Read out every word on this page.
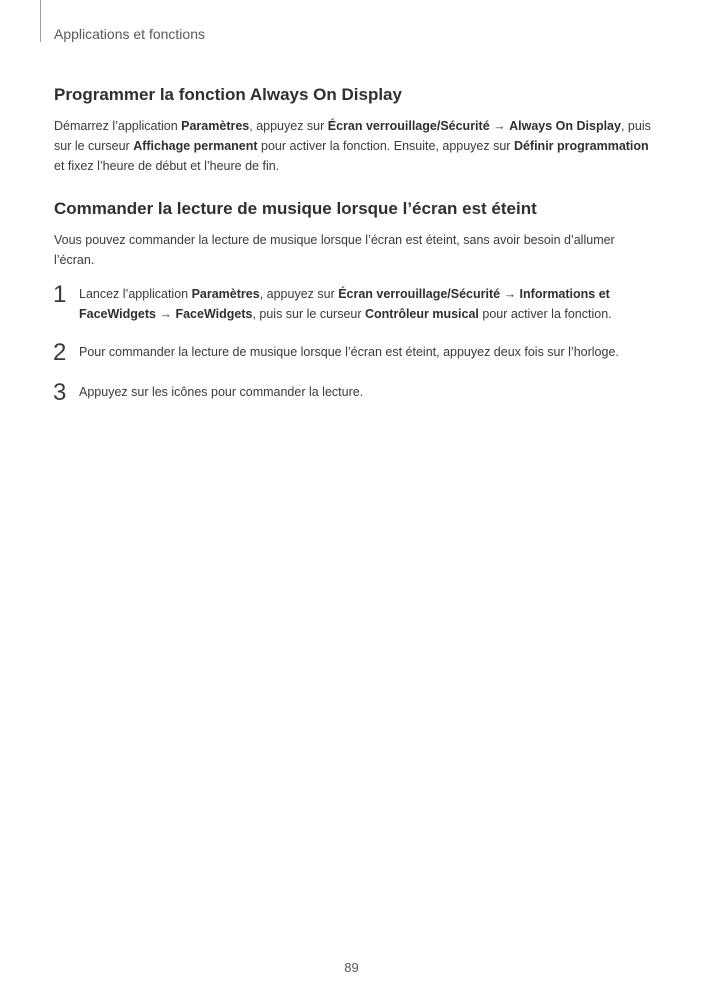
Applications et fonctions
Programmer la fonction Always On Display

Démarrez l’application Paramètres, appuyez sur Écran verrouillage/Sécurité → Always On Display, puis sur le curseur Affichage permanent pour activer la fonction. Ensuite, appuyez sur Définir programmation et fixez l’heure de début et l’heure de fin.

Commander la lecture de musique lorsque l’écran est éteint

Vous pouvez commander la lecture de musique lorsque l’écran est éteint, sans avoir besoin d’allumer l’écran.

1	Lancez l’application Paramètres, appuyez sur Écran verrouillage/Sécurité → Informations et FaceWidgets → FaceWidgets, puis sur le curseur Contrôleur musical pour activer la fonction.
2	Pour commander la lecture de musique lorsque l’écran est éteint, appuyez deux fois sur l’horloge.
3	Appuyez sur les icônes pour commander la lecture.
89
